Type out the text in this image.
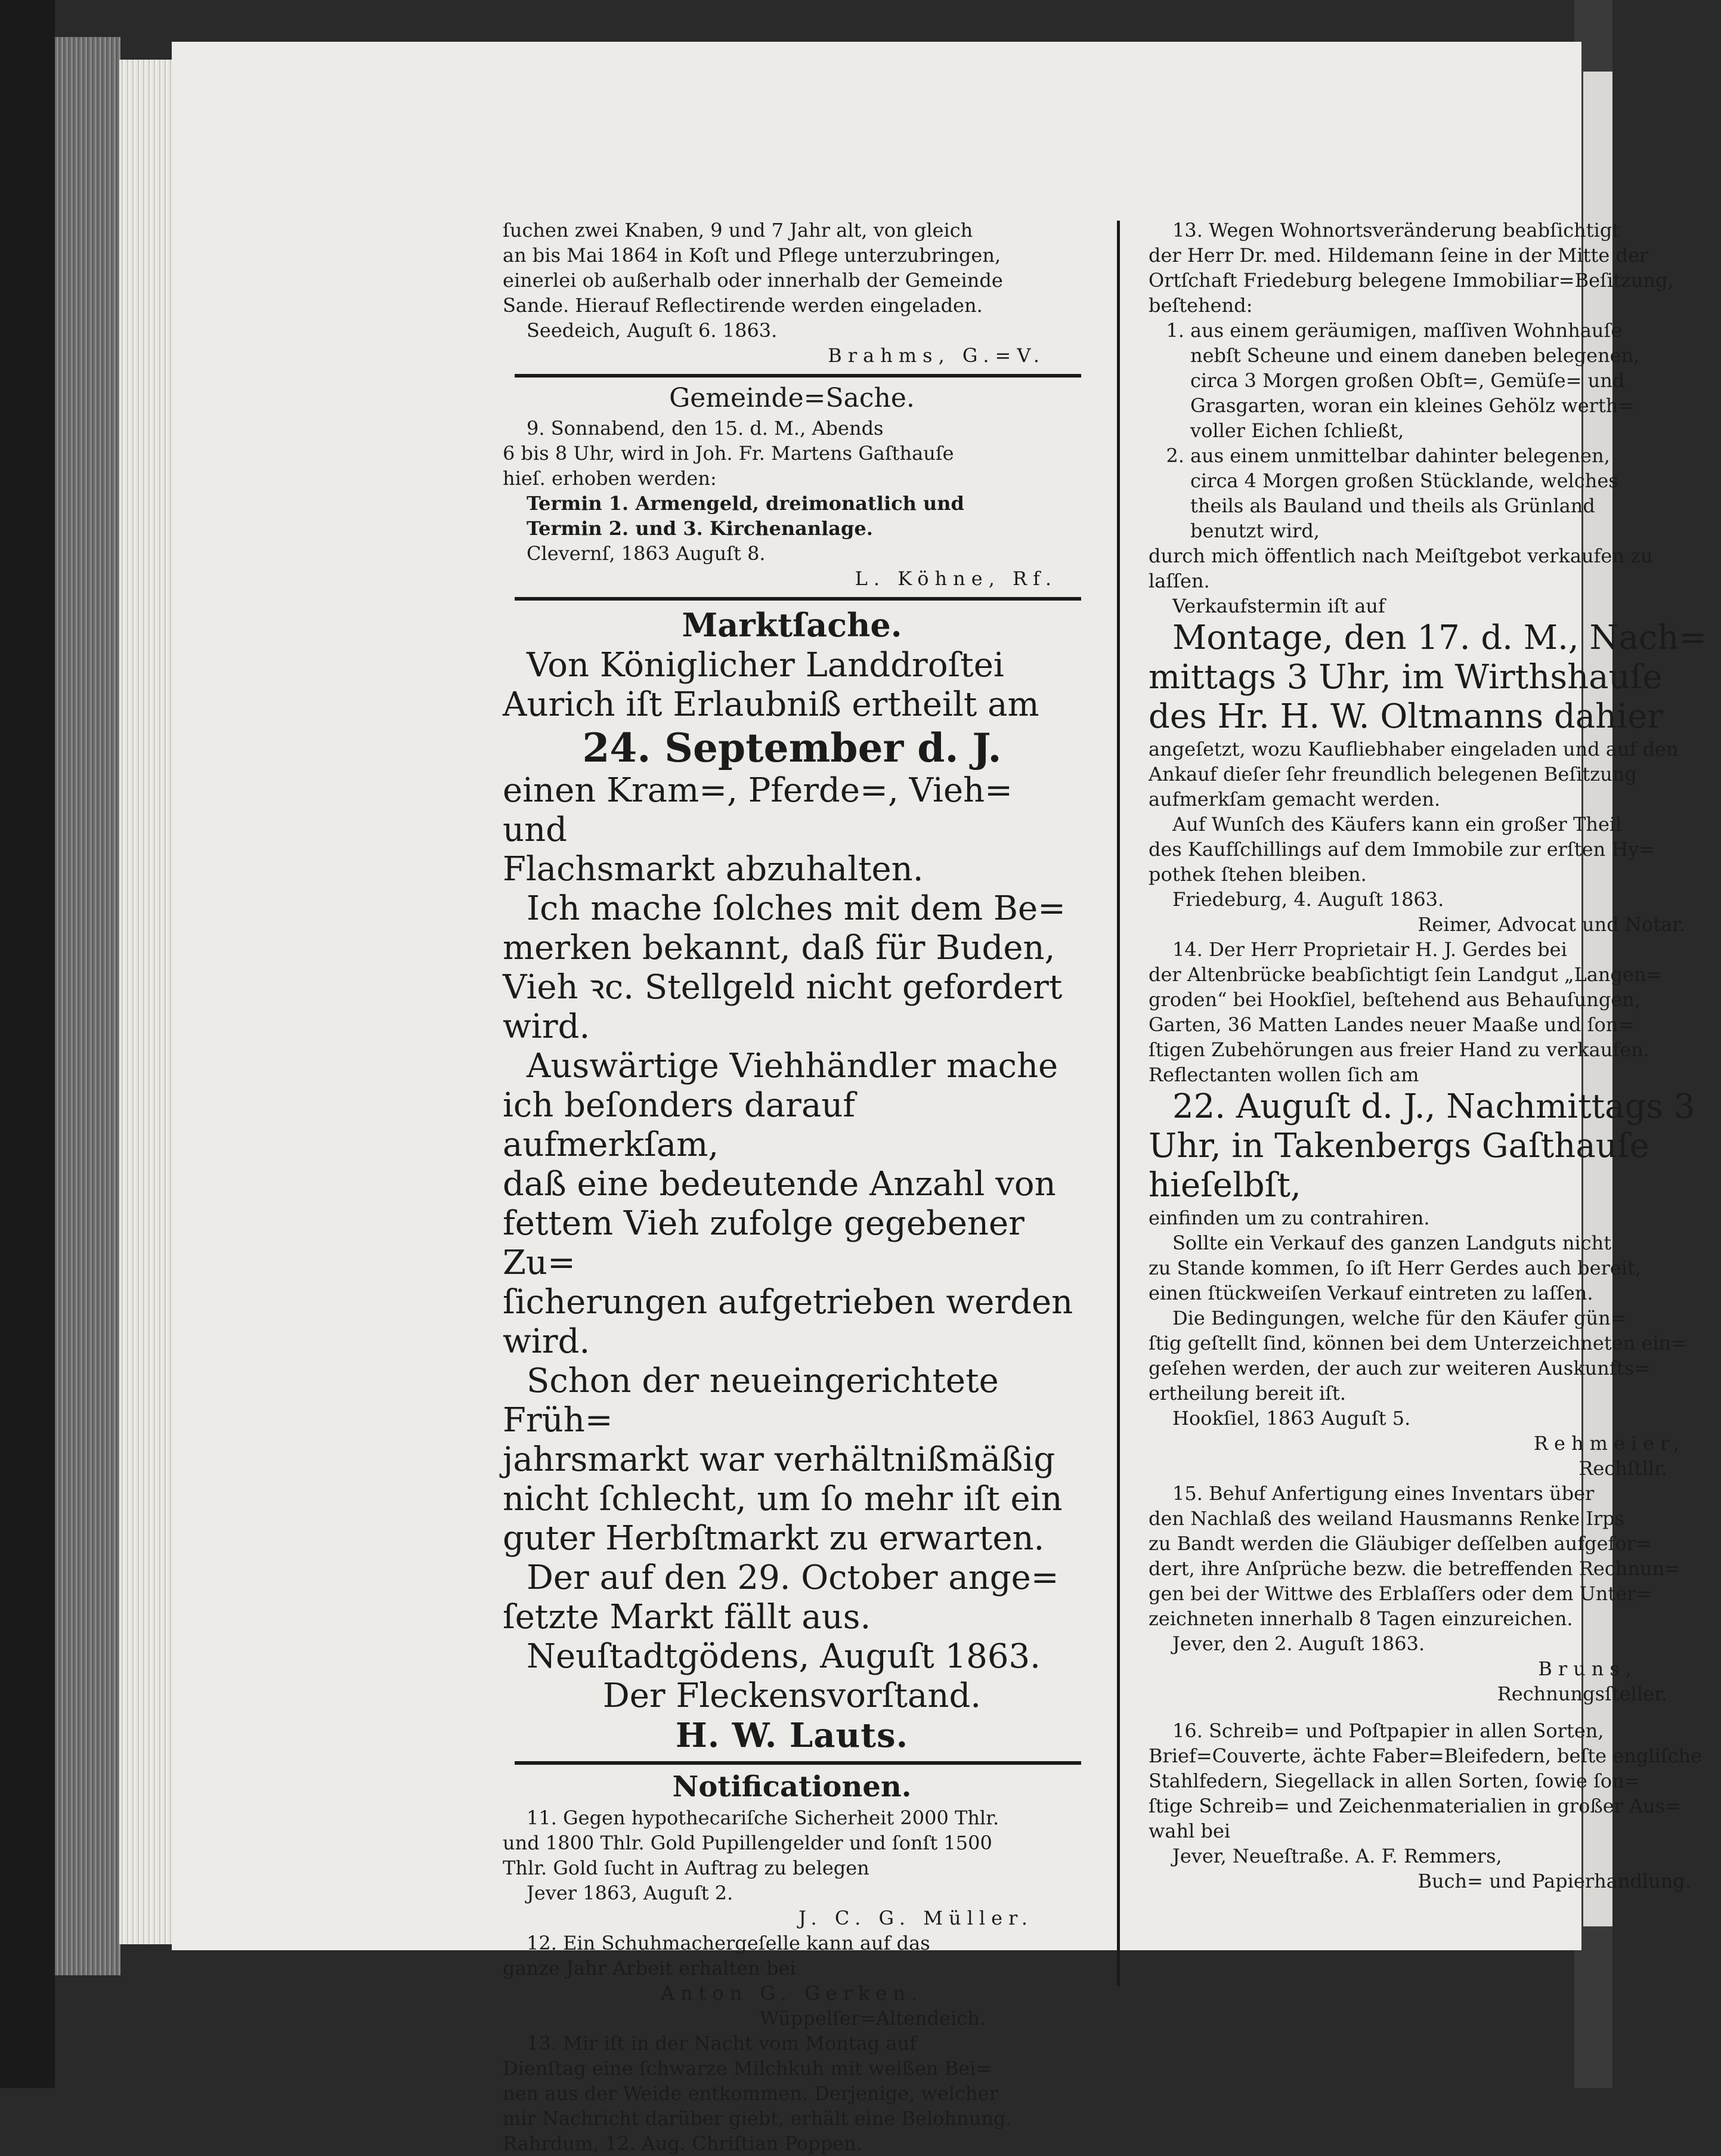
ſuchen zwei Knaben, 9 und 7 Jahr alt, von gleich

an bis Mai 1864 in Koſt und Pflege unterzubringen,

einerlei ob außerhalb oder innerhalb der Gemeinde

Sande. Hierauf Reflectirende werden eingeladen.

Seedeich, Auguſt 6. 1863.

Brahms, G.=V.

Gemeinde=Sache.

9. Sonnabend, den 15. d. M., Abends

6 bis 8 Uhr, wird in Joh. Fr. Martens Gaſthauſe

hieſ. erhoben werden:

Termin 1. Armengeld, dreimonatlich und

Termin 2. und 3. Kirchenanlage.

Clevernſ, 1863 Auguſt 8.

L. Köhne, Rf.

Marktſache.

Von Königlicher Landdroſtei

Aurich iſt Erlaubniß ertheilt am

24. September d. J.

einen Kram=, Pferde=, Vieh= und

Flachsmarkt abzuhalten.

Ich mache ſolches mit dem Be=

merken bekannt, daß für Buden,

Vieh ꝛc. Stellgeld nicht gefordert

wird.

Auswärtige Viehhändler mache

ich beſonders darauf aufmerkſam,

daß eine bedeutende Anzahl von

fettem Vieh zufolge gegebener Zu=

ſicherungen aufgetrieben werden wird.

Schon der neueingerichtete Früh=

jahrsmarkt war verhältnißmäßig

nicht ſchlecht, um ſo mehr iſt ein

guter Herbſtmarkt zu erwarten.

Der auf den 29. October ange=

ſetzte Markt fällt aus.

Neuſtadtgödens, Auguſt 1863.

Der Fleckensvorſtand.

H. W. Lauts.

Notificationen.

11. Gegen hypothecariſche Sicherheit 2000 Thlr.

und 1800 Thlr. Gold Pupillengelder und ſonſt 1500

Thlr. Gold ſucht in Auftrag zu belegen

Jever 1863, Auguſt 2.

J. C. G. Müller.

12. Ein Schuhmachergeſelle kann auf das

ganze Jahr Arbeit erhalten bei

Anton G. Gerken.

Wüppelſer=Altendeich.

13. Mir iſt in der Nacht vom Montag auf

Dienſtag eine ſchwarze Milchkuh mit weißen Bei=

nen aus der Weide entkommen. Derjenige, welcher

mir Nachricht darüber giebt, erhält eine Belohnung.

Rahrdum, 12. Aug. Chriſtian Poppen.

13. Wegen Wohnortsveränderung beabſichtigt

der Herr Dr. med. Hildemann ſeine in der Mitte der

Ortſchaft Friedeburg belegene Immobiliar=Beſitzung,

beſtehend:

1. aus einem geräumigen, maſſiven Wohnhauſe

nebſt Scheune und einem daneben belegenen,

circa 3 Morgen großen Obſt=, Gemüſe= und

Grasgarten, woran ein kleines Gehölz werth=

voller Eichen ſchließt,

2. aus einem unmittelbar dahinter belegenen,

circa 4 Morgen großen Stücklande, welches

theils als Bauland und theils als Grünland

benutzt wird,

durch mich öffentlich nach Meiſtgebot verkaufen zu

laſſen.

Verkaufstermin iſt auf

Montage, den 17. d. M., Nach=

mittags 3 Uhr, im Wirthshauſe

des Hr. H. W. Oltmanns dahier

angeſetzt, wozu Kaufliebhaber eingeladen und auf den

Ankauf dieſer ſehr freundlich belegenen Beſitzung

aufmerkſam gemacht werden.

Auf Wunſch des Käufers kann ein großer Theil

des Kaufſchillings auf dem Immobile zur erſten Hy=

pothek ſtehen bleiben.

Friedeburg, 4. Auguſt 1863.

Reimer, Advocat und Notar.

14. Der Herr Proprietair H. J. Gerdes bei

der Altenbrücke beabſichtigt ſein Landgut „Langen=

groden“ bei Hookſiel, beſtehend aus Behauſungen,

Garten, 36 Matten Landes neuer Maaße und ſon=

ſtigen Zubehörungen aus freier Hand zu verkaufen.

Reflectanten wollen ſich am

22. Auguſt d. J., Nachmittags 3

Uhr, in Takenbergs Gaſthauſe

hieſelbſt,

einfinden um zu contrahiren.

Sollte ein Verkauf des ganzen Landguts nicht

zu Stande kommen, ſo iſt Herr Gerdes auch bereit,

einen ſtückweiſen Verkauf eintreten zu laſſen.

Die Bedingungen, welche für den Käufer gün=

ſtig geſtellt ſind, können bei dem Unterzeichneten ein=

geſehen werden, der auch zur weiteren Auskunfts=

ertheilung bereit iſt.

Hookſiel, 1863 Auguſt 5.

Rehmeier,

Rechſtllr.

15. Behuf Anfertigung eines Inventars über

den Nachlaß des weiland Hausmanns Renke Irps

zu Bandt werden die Gläubiger deſſelben aufgefor=

dert, ihre Anſprüche bezw. die betreffenden Rechnun=

gen bei der Wittwe des Erblaſſers oder dem Unter=

zeichneten innerhalb 8 Tagen einzureichen.

Jever, den 2. Auguſt 1863.

Bruns,

Rechnungsſteller.

16. Schreib= und Poſtpapier in allen Sorten,

Brief=Couverte, ächte Faber=Bleifedern, beſte engliſche

Stahlfedern, Siegellack in allen Sorten, ſowie ſon=

ſtige Schreib= und Zeichenmaterialien in großer Aus=

wahl bei

Jever, Neueſtraße. A. F. Remmers,

Buch= und Papierhandlung.
